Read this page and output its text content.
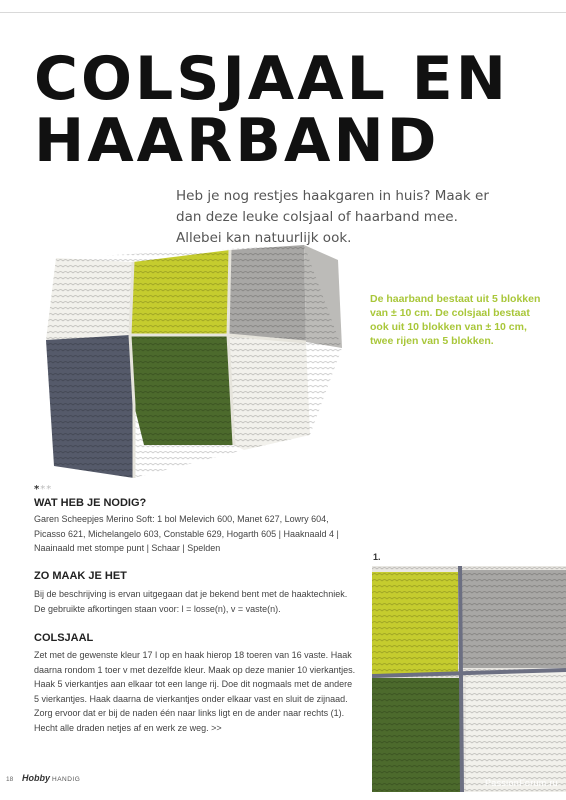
COLSJAAL EN
HAARBAND

Heb je nog restjes haakgaren in huis? Maak er dan deze leuke colsjaal of haarband mee. Allebei kan natuurlijk ook.

De haarband bestaat uit 5 blokken van ± 10 cm. De colsjaal bestaat ook uit 10 blokken van ± 10 cm, twee rijen van 5 blokken.

***
WAT HEB JE NODIG?

Garen Scheepjes Merino Soft: 1 bol Melevich 600, Manet 627, Lowry 604, Picasso 621, Michelangelo 603, Constable 629, Hogarth 605 | Haaknaald 4 | Naainaald met stompe punt | Schaar | Spelden

ZO MAAK JE HET

Bij de beschrijving is ervan uitgegaan dat je bekend bent met de haaktechniek.
De gebruikte afkortingen staan voor: l = losse(n), v = vaste(n).

COLSJAAL

Zet met de gewenste kleur 17 l op en haak hierop 18 toeren van 16 vaste. Haak daarna rondom 1 toer v met dezelfde kleur. Maak op deze manier 10 vierkantjes. Haak 5 vierkantjes aan elkaar tot een lange rij. Doe dit nogmaals met de andere 5 vierkantjes. Haak daarna de vierkantjes onder elkaar vast en sluit de zijnaad. Zorg ervoor dat er bij de naden één naar links ligt en de ander naar rechts (1). Hecht alle draden netjes af en werk ze weg. >>

1.
18 Hobby HANDIG	PassionForum.ru
